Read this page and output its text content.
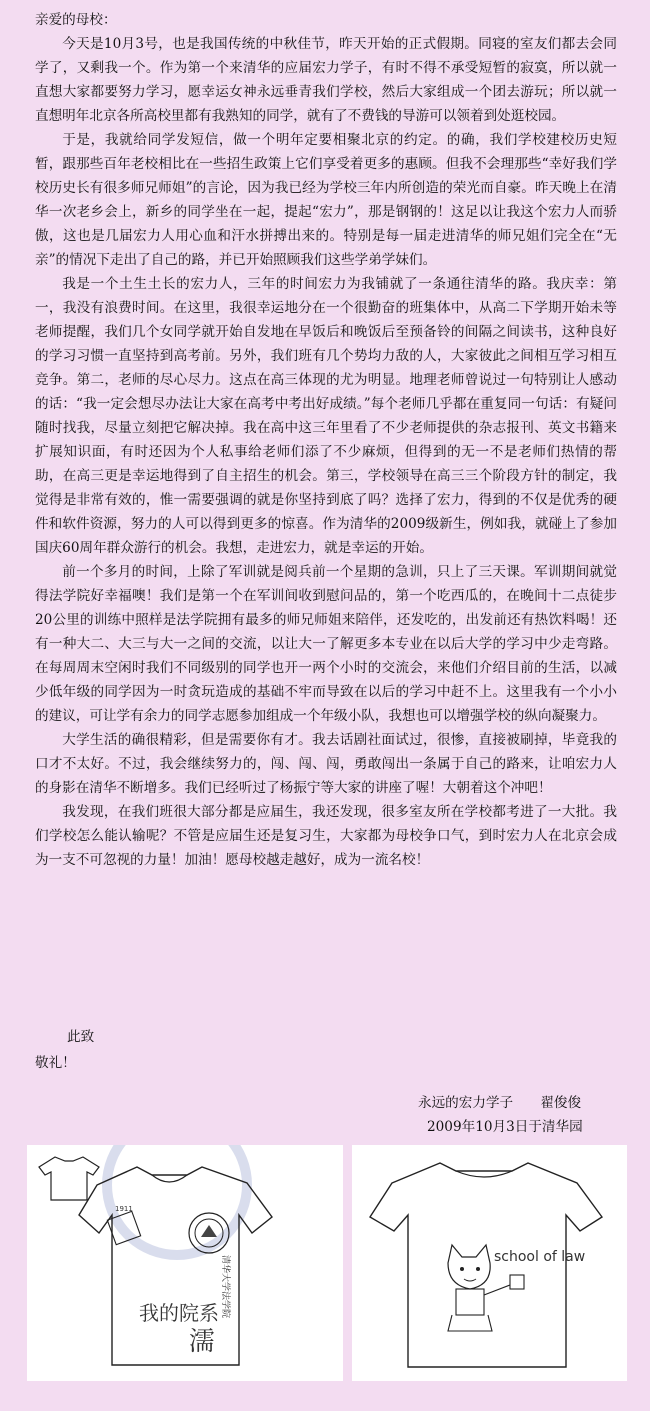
亲爱的母校：

今天是10月3号，也是我国传统的中秋佳节，昨天开始的正式假期。同寝的室友们都去会同学了，又剩我一个。作为第一个来清华的应届宏力学子，有时不得不承受短暂的寂寞，所以就一直想大家都要努力学习，愿幸运女神永远垂青我们学校，然后大家组成一个团去游玩；所以就一直想明年北京各所高校里都有我熟知的同学，就有了不费钱的导游可以领着到处逛校园。

于是，我就给同学发短信，做一个明年定要相聚北京的约定。的确，我们学校建校历史短暂，跟那些百年老校相比在一些招生政策上它们享受着更多的惠顾。但我不会理那些“幸好我们学校历史长有很多师兄师姐”的言论，因为我已经为学校三年内所创造的荣光而自豪。昨天晚上在清华一次老乡会上，新乡的同学坐在一起，提起“宏力”，那是钢钢的！这足以让我这个宏力人而骄傲，这也是几届宏力人用心血和汗水拼搏出来的。特别是每一届走进清华的师兄姐们完全在“无亲”的情况下走出了自己的路，并已开始照顾我们这些学弟学妹们。

我是一个土生土长的宏力人，三年的时间宏力为我铺就了一条通往清华的路。我庆幸：第一，我没有浪费时间。在这里，我很幸运地分在一个很勤奋的班集体中，从高二下学期开始未等老师提醒，我们几个女同学就开始自发地在早饭后和晚饭后至预备铃的间隔之间读书，这种良好的学习习惯一直坚持到高考前。另外，我们班有几个势均力敌的人，大家彼此之间相互学习相互竞争。第二，老师的尽心尽力。这点在高三体现的尤为明显。地理老师曾说过一句特别让人感动的话：“我一定会想尽办法让大家在高考中考出好成绩。”每个老师几乎都在重复同一句话：有疑问随时找我，尽量立刻把它解决掉。我在高中这三年里看了不少老师提供的杂志报刊、英文书籍来扩展知识面，有时还因为个人私事给老师们添了不少麻烦，但得到的无一不是老师们热情的帮助，在高三更是幸运地得到了自主招生的机会。第三，学校领导在高三三个阶段方针的制定，我觉得是非常有效的，惟一需要强调的就是你坚持到底了吗？选择了宏力，得到的不仅是优秀的硬件和软件资源，努力的人可以得到更多的惊喜。作为清华的2009级新生，例如我，就碰上了参加国庆60周年群众游行的机会。我想，走进宏力，就是幸运的开始。

前一个多月的时间，上除了军训就是阅兵前一个星期的急训，只上了三天课。军训期间就觉得法学院好幸福噢！我们是第一个在军训间收到慰问品的，第一个吃西瓜的，在晚间十二点徒步20公里的训练中照样是法学院拥有最多的师兄师姐来陪伴，还发吃的，出发前还有热饮料喝！还有一种大二、大三与大一之间的交流，以让大一了解更多本专业在以后大学的学习中少走弯路。在每周周末空闲时我们不同级别的同学也开一两个小时的交流会，来他们介绍目前的生活，以减少低年级的同学因为一时贪玩造成的基础不牢而导致在以后的学习中赶不上。这里我有一个小小的建议，可让学有余力的同学志愿参加组成一个年级小队，我想也可以增强学校的纵向凝聚力。

大学生活的确很精彩，但是需要你有才。我去话剧社面试过，很惨，直接被刷掉，毕竟我的口才不太好。不过，我会继续努力的，闯、闯、闯，勇敢闯出一条属于自己的路来，让咱宏力人的身影在清华不断增多。我们已经听过了杨振宁等大家的讲座了喔！大朝着这个冲吧！

我发现，在我们班很大部分都是应届生，我还发现，很多室友所在学校都考进了一大批。我们学校怎么能认输呢？不管是应届生还是复习生，大家都为母校争口气，到时宏力人在北京会成为一支不可忽视的力量！加油！愿母校越走越好，成为一流名校！

此致
敬礼！
永远的宏力学子　　翟俊俊
2009年10月3日于清华园
清华大学法学院
1911
我的院系
濡
school of law
